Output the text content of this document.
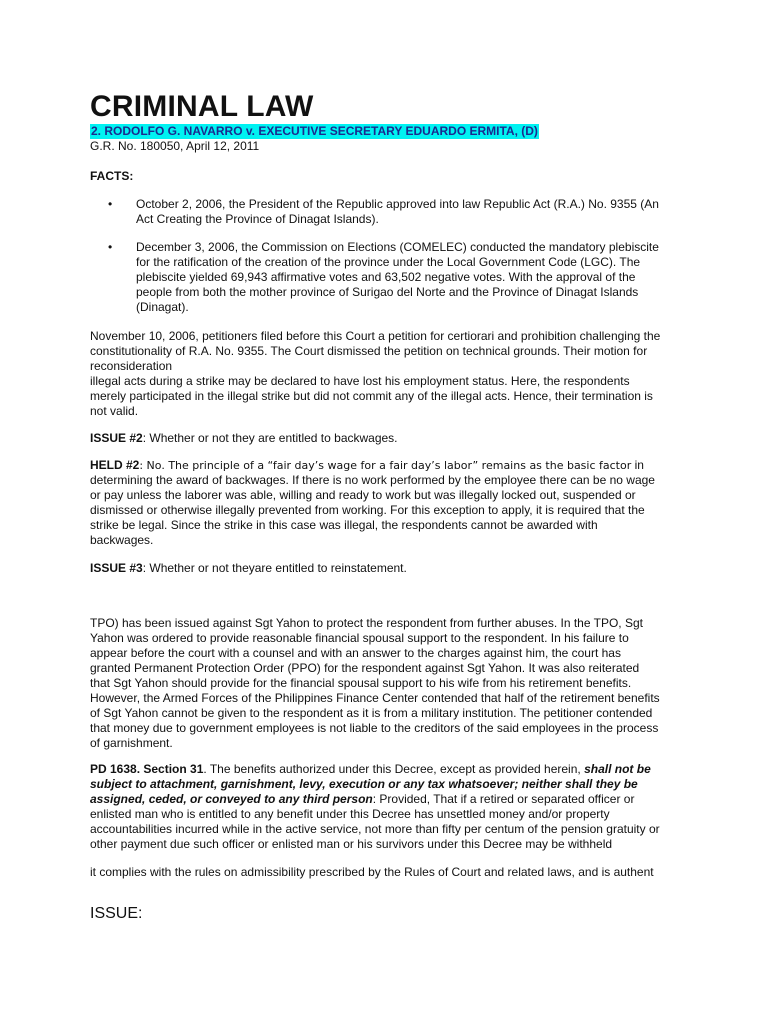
CRIMINAL LAW
2. RODOLFO G. NAVARRO v. EXECUTIVE SECRETARY EDUARDO ERMITA, (D)
G.R. No. 180050, April 12, 2011
FACTS:
• October 2, 2006, the President of the Republic approved into law Republic Act (R.A.) No. 9355 (An Act Creating the Province of Dinagat Islands).
• December 3, 2006, the Commission on Elections (COMELEC) conducted the mandatory plebiscite for the ratification of the creation of the province under the Local Government Code (LGC). The plebiscite yielded 69,943 affirmative votes and 63,502 negative votes. With the approval of the people from both the mother province of Surigao del Norte and the Province of Dinagat Islands (Dinagat).
November 10, 2006, petitioners filed before this Court a petition for certiorari and prohibition challenging the constitutionality of R.A. No. 9355. The Court dismissed the petition on technical grounds. Their motion for reconsideration
illegal acts during a strike may be declared to have lost his employment status. Here, the respondents merely participated in the illegal strike but did not commit any of the illegal acts. Hence, their termination is not valid.
ISSUE #2: Whether or not they are entitled to backwages.
HELD #2: No. The principle of a “fair day’s wage for a fair day’s labor” remains as the basic factor in determining the award of backwages. If there is no work performed by the employee there can be no wage or pay unless the laborer was able, willing and ready to work but was illegally locked out, suspended or dismissed or otherwise illegally prevented from working. For this exception to apply, it is required that the strike be legal. Since the strike in this case was illegal, the respondents cannot be awarded with backwages.
ISSUE #3: Whether or not theyare entitled to reinstatement.
TPO) has been issued against Sgt Yahon to protect the respondent from further abuses. In the TPO, Sgt Yahon was ordered to provide reasonable financial spousal support to the respondent. In his failure to appear before the court with a counsel and with an answer to the charges against him, the court has granted Permanent Protection Order (PPO) for the respondent against Sgt Yahon. It was also reiterated that Sgt Yahon should provide for the financial spousal support to his wife from his retirement benefits. However, the Armed Forces of the Philippines Finance Center contended that half of the retirement benefits of Sgt Yahon cannot be given to the respondent as it is from a military institution. The petitioner contended that money due to government employees is not liable to the creditors of the said employees in the process of garnishment.
PD 1638. Section 31. The benefits authorized under this Decree, except as provided herein, shall not be subject to attachment, garnishment, levy, execution or any tax whatsoever; neither shall they be assigned, ceded, or conveyed to any third person: Provided, That if a retired or separated officer or enlisted man who is entitled to any benefit under this Decree has unsettled money and/or property accountabilities incurred while in the active service, not more than fifty per centum of the pension gratuity or other payment due such officer or enlisted man or his survivors under this Decree may be withheld
it complies with the rules on admissibility prescribed by the Rules of Court and related laws, and is authent
ISSUE:
